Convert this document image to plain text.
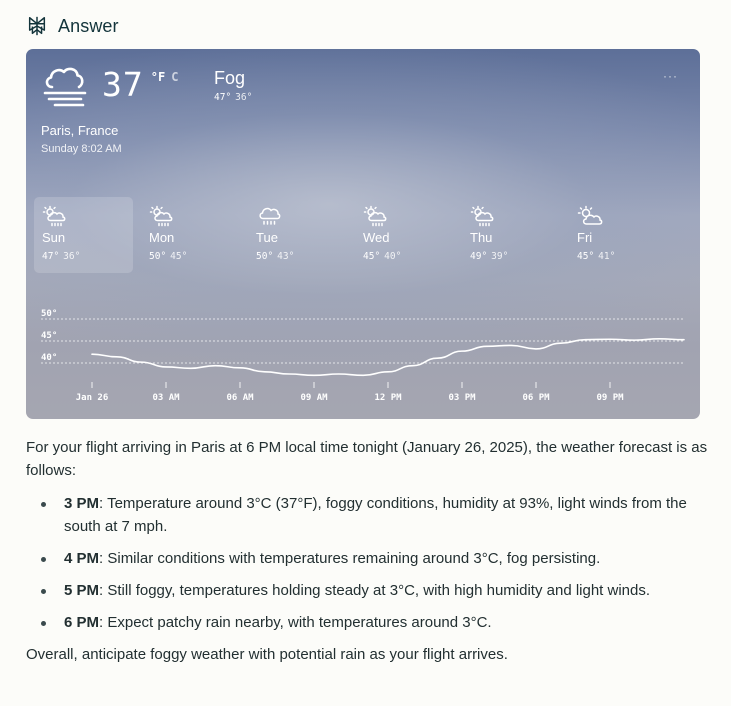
Answer
···
37 °F C Fog
47° 36°
Paris, France
Sunday 8:02 AM
Sun
47° 36°
Mon
50° 45°
Tue
50° 43°
Wed
45° 40°
Thu
49° 39°
Fri
45° 41°
50°
45°
40°
Jan 26	03 AM	06 AM	09 AM	12 PM	03 PM	06 PM	09 PM

For your flight arriving in Paris at 6 PM local time tonight (January 26, 2025), the weather forecast is as follows:

3 PM: Temperature around 3°C (37°F), foggy conditions, humidity at 93%, light winds from the south at 7 mph.
4 PM: Similar conditions with temperatures remaining around 3°C, fog persisting.
5 PM: Still foggy, temperatures holding steady at 3°C, with high humidity and light winds.
6 PM: Expect patchy rain nearby, with temperatures around 3°C.

Overall, anticipate foggy weather with potential rain as your flight arrives.
